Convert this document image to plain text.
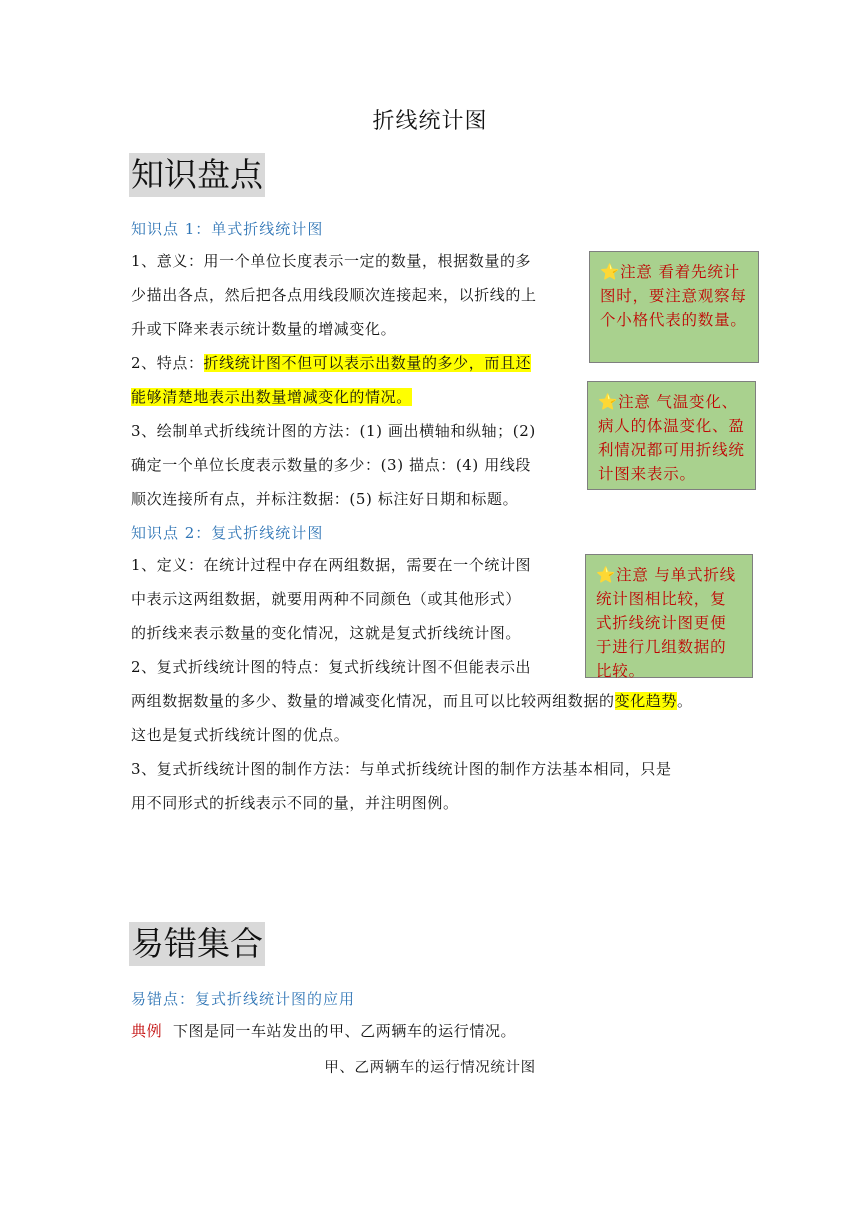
折线统计图
知识盘点
知识点 1：单式折线统计图
1、意义：用一个单位长度表示一定的数量，根据数量的多
少描出各点，然后把各点用线段顺次连接起来，以折线的上
升或下降来表示统计数量的增减变化。
2、特点：折线统计图不但可以表示出数量的多少，而且还
能够清楚地表示出数量增减变化的情况。
3、绘制单式折线统计图的方法：(1) 画出横轴和纵轴；(2)
确定一个单位长度表示数量的多少：(3) 描点：(4) 用线段
顺次连接所有点，并标注数据：(5) 标注好日期和标题。
知识点 2：复式折线统计图
1、定义：在统计过程中存在两组数据，需要在一个统计图
中表示这两组数据，就要用两种不同颜色（或其他形式）
的折线来表示数量的变化情况，这就是复式折线统计图。
2、复式折线统计图的特点：复式折线统计图不但能表示出
两组数据数量的多少、数量的增减变化情况，而且可以比较两组数据的变化趋势。
这也是复式折线统计图的优点。
3、复式折线统计图的制作方法：与单式折线统计图的制作方法基本相同，只是
用不同形式的折线表示不同的量，并注明图例。
⭐注意 看着先统计图时，要注意观察每个小格代表的数量。
⭐注意 气温变化、病人的体温变化、盈利情况都可用折线统计图来表示。
⭐注意 与单式折线统计图相比较，复式折线统计图更便于进行几组数据的比较。
易错集合
易错点：复式折线统计图的应用
典例 下图是同一车站发出的甲、乙两辆车的运行情况。
甲、乙两辆车的运行情况统计图
